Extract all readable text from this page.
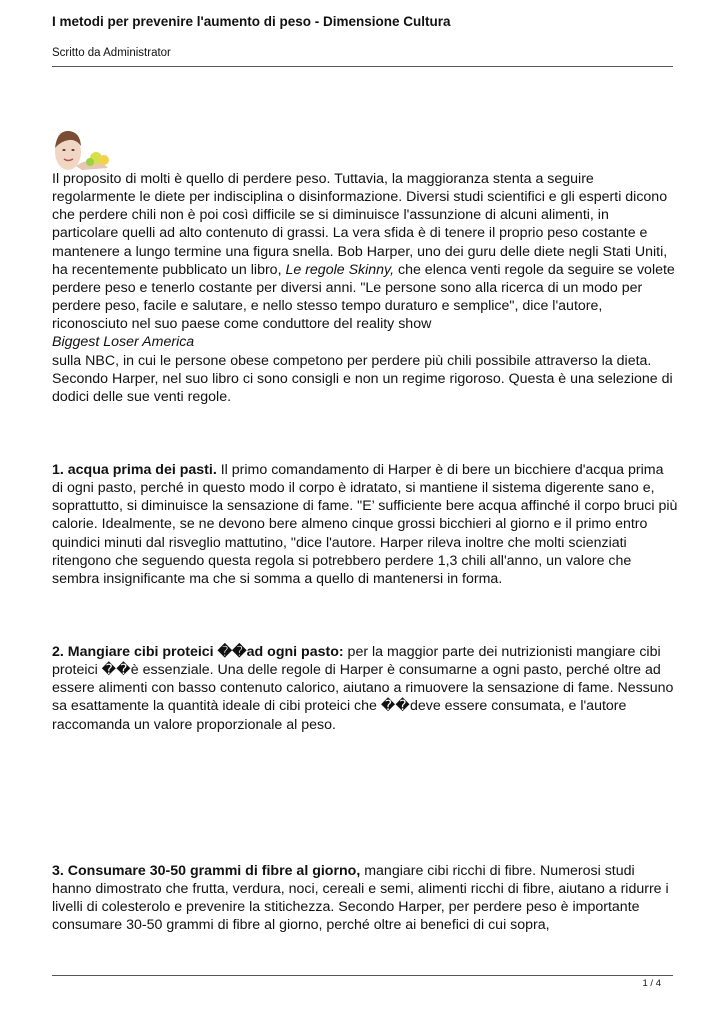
I metodi per prevenire l'aumento di peso - Dimensione Cultura
Scritto da Administrator

Il proposito di molti è quello di perdere peso. Tuttavia, la maggioranza stenta a seguire regolarmente le diete per indisciplina o disinformazione. Diversi studi scientifici e gli esperti dicono che perdere chili non è poi così difficile se si diminuisce l'assunzione di alcuni alimenti, in particolare quelli ad alto contenuto di grassi. La vera sfida è di tenere il proprio peso costante e mantenere a lungo termine una figura snella. Bob Harper, uno dei guru delle diete negli Stati Uniti, ha recentemente pubblicato un libro, Le regole Skinny, che elenca venti regole da seguire se volete perdere peso e tenerlo costante per diversi anni. "Le persone sono alla ricerca di un modo per perdere peso, facile e salutare, e nello stesso tempo duraturo e semplice", dice l'autore, riconosciuto nel suo paese come conduttore del reality show

Biggest Loser America

sulla NBC, in cui le persone obese competono per perdere più chili possibile attraverso la dieta. Secondo Harper, nel suo libro ci sono consigli e non un regime rigoroso. Questa è una selezione di dodici delle sue venti regole.

1. acqua prima dei pasti. Il primo comandamento di Harper è di bere un bicchiere d'acqua prima di ogni pasto, perché in questo modo il corpo è idratato, si mantiene il sistema digerente sano e, soprattutto, si diminuisce la sensazione di fame. "E’ sufficiente bere acqua affinché il corpo bruci più calorie. Idealmente, se ne devono bere almeno cinque grossi bicchieri al giorno e il primo entro quindici minuti dal risveglio mattutino, "dice l'autore. Harper rileva inoltre che molti scienziati ritengono che seguendo questa regola si potrebbero perdere 1,3 chili all'anno, un valore che sembra insignificante ma che si somma a quello di mantenersi in forma.

2. Mangiare cibi proteici ��ad ogni pasto: per la maggior parte dei nutrizionisti mangiare cibi proteici ��è essenziale. Una delle regole di Harper è consumarne a ogni pasto, perché oltre ad essere alimenti con basso contenuto calorico, aiutano a rimuovere la sensazione di fame. Nessuno sa esattamente la quantità ideale di cibi proteici che ��deve essere consumata, e l'autore raccomanda un valore proporzionale al peso.

3. Consumare 30-50 grammi di fibre al giorno, mangiare cibi ricchi di fibre. Numerosi studi hanno dimostrato che frutta, verdura, noci, cereali e semi, alimenti ricchi di fibre, aiutano a ridurre i livelli di colesterolo e prevenire la stitichezza. Secondo Harper, per perdere peso è importante consumare 30-50 grammi di fibre al giorno, perché oltre ai benefici di cui sopra,

1 / 4
